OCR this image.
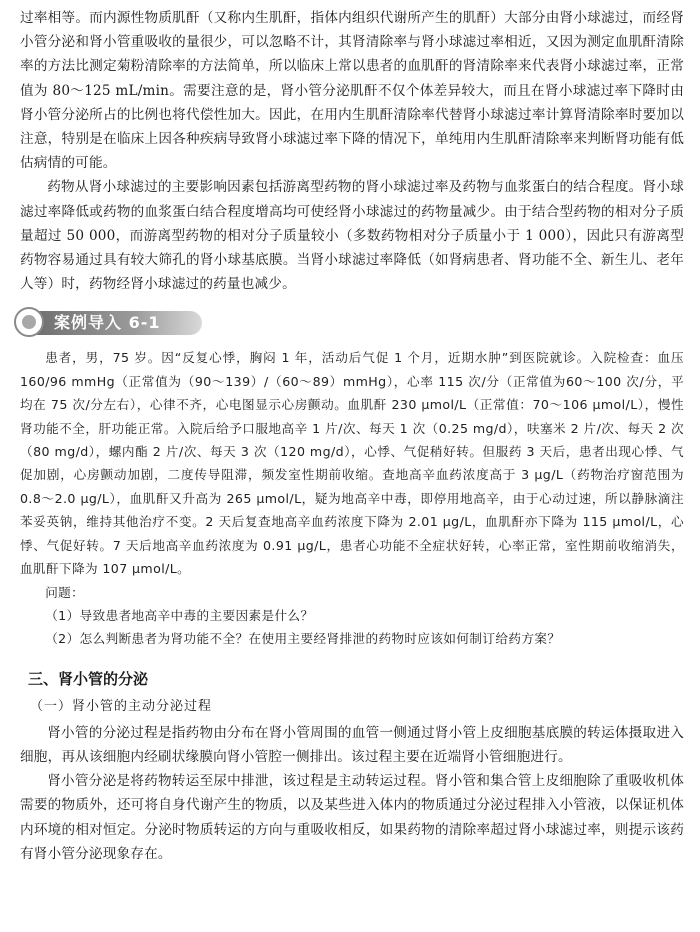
过率相等。而内源性物质肌酐（又称内生肌酐，指体内组织代谢所产生的肌酐）大部分由肾小球滤过，而经肾小管分泌和肾小管重吸收的量很少，可以忽略不计，其肾清除率与肾小球滤过率相近，又因为测定血肌酐清除率的方法比测定菊粉清除率的方法简单，所以临床上常以患者的血肌酐的肾清除率来代表肾小球滤过率，正常值为 80～125 mL/min。需要注意的是，肾小管分泌肌酐不仅个体差异较大，而且在肾小球滤过率下降时由肾小管分泌所占的比例也将代偿性加大。因此，在用内生肌酐清除率代替肾小球滤过率计算肾清除率时要加以注意，特别是在临床上因各种疾病导致肾小球滤过率下降的情况下，单纯用内生肌酐清除率来判断肾功能有低估病情的可能。

药物从肾小球滤过的主要影响因素包括游离型药物的肾小球滤过率及药物与血浆蛋白的结合程度。肾小球滤过率降低或药物的血浆蛋白结合程度增高均可使经肾小球滤过的药物量减少。由于结合型药物的相对分子质量超过 50 000，而游离型药物的相对分子质量较小（多数药物相对分子质量小于 1 000），因此只有游离型药物容易通过具有较大筛孔的肾小球基底膜。当肾小球滤过率降低（如肾病患者、肾功能不全、新生儿、老年人等）时，药物经肾小球滤过的药量也减少。

案例导入 6-1

患者，男，75 岁。因“反复心悸，胸闷 1 年，活动后气促 1 个月，近期水肿”到医院就诊。入院检查：血压 160/96 mmHg（正常值为（90～139）/（60～89）mmHg），心率 115 次/分（正常值为60～100 次/分，平均在 75 次/分左右），心律不齐，心电图显示心房颤动。血肌酐 230 μmol/L（正常值：70～106 μmol/L），慢性肾功能不全，肝功能正常。入院后给予口服地高辛 1 片/次、每天 1 次（0.25 mg/d），呋塞米 2 片/次、每天 2 次（80 mg/d），螺内酯 2 片/次、每天 3 次（120 mg/d），心悸、气促稍好转。但服药 3 天后，患者出现心悸、气促加剧，心房颤动加剧，二度传导阻滞，频发室性期前收缩。查地高辛血药浓度高于 3 μg/L（药物治疗窗范围为 0.8～2.0 μg/L），血肌酐又升高为 265 μmol/L，疑为地高辛中毒，即停用地高辛，由于心动过速，所以静脉滴注苯妥英钠，维持其他治疗不变。2 天后复查地高辛血药浓度下降为 2.01 μg/L，血肌酐亦下降为 115 μmol/L，心悸、气促好转。7 天后地高辛血药浓度为 0.91 μg/L，患者心功能不全症状好转，心率正常，室性期前收缩消失，血肌酐下降为 107 μmol/L。

问题：

（1）导致患者地高辛中毒的主要因素是什么？

（2）怎么判断患者为肾功能不全？在使用主要经肾排泄的药物时应该如何制订给药方案？

三、肾小管的分泌
（一）肾小管的主动分泌过程

肾小管的分泌过程是指药物由分布在肾小管周围的血管一侧通过肾小管上皮细胞基底膜的转运体摄取进入细胞，再从该细胞内经刷状缘膜向肾小管腔一侧排出。该过程主要在近端肾小管细胞进行。

肾小管分泌是将药物转运至尿中排泄，该过程是主动转运过程。肾小管和集合管上皮细胞除了重吸收机体需要的物质外，还可将自身代谢产生的物质，以及某些进入体内的物质通过分泌过程排入小管液，以保证机体内环境的相对恒定。分泌时物质转运的方向与重吸收相反，如果药物的清除率超过肾小球滤过率，则提示该药有肾小管分泌现象存在。
